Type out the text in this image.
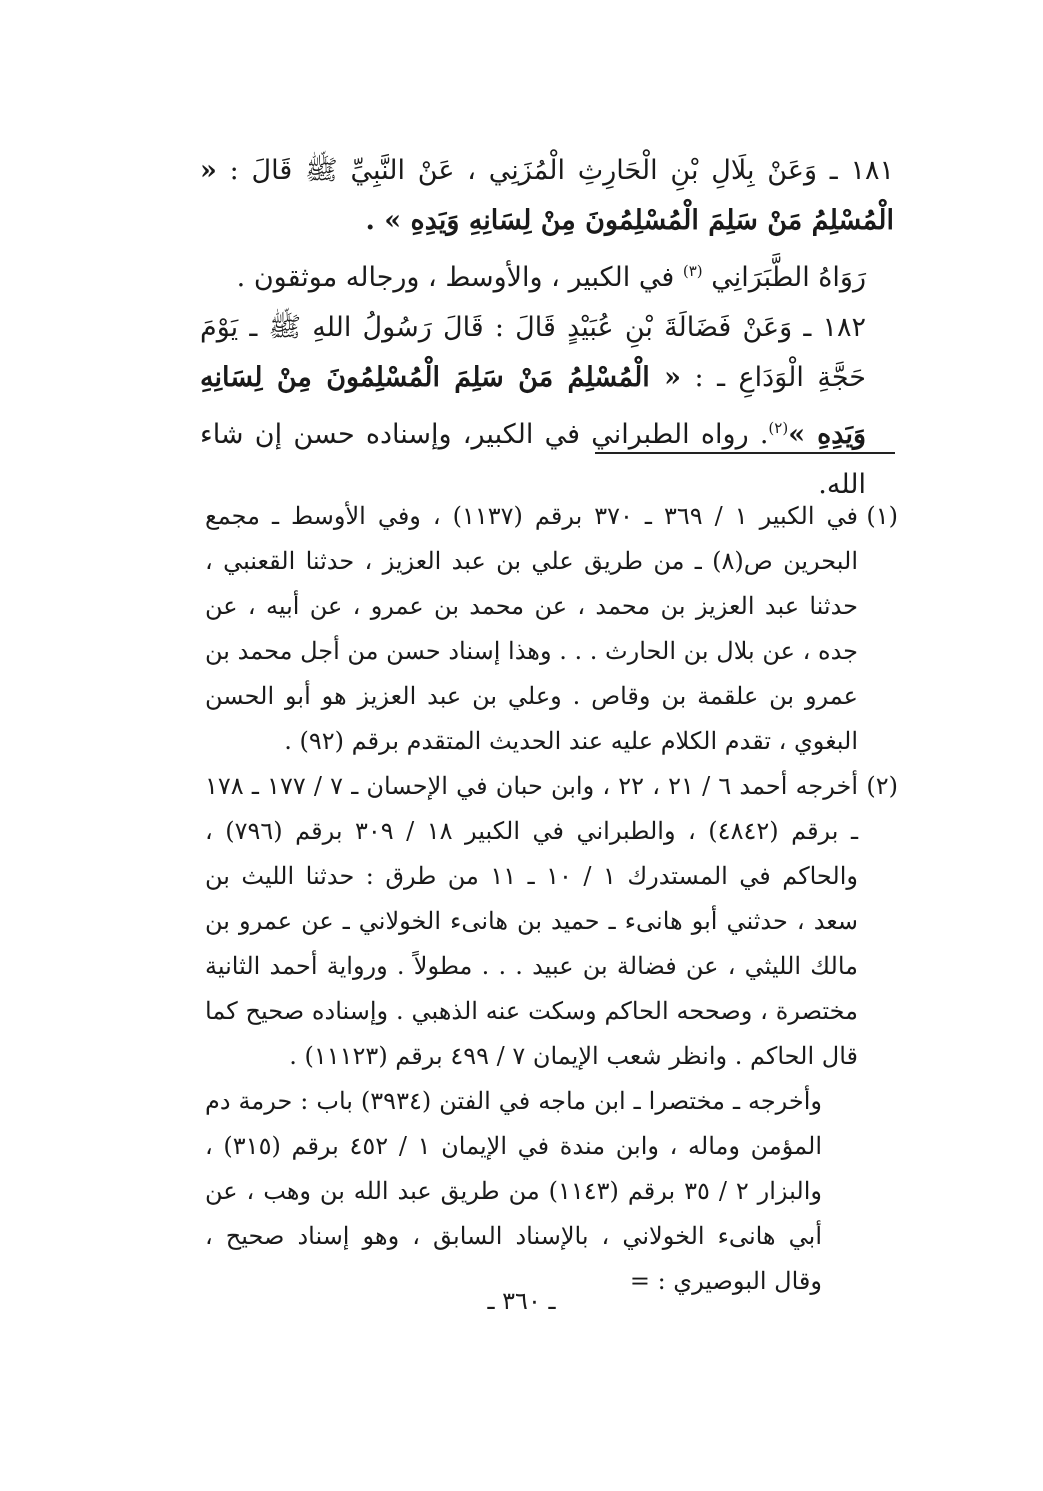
١٨١ ـ وَعَنْ بِلَالِ بْنِ الْحَارِثِ الْمُزَنِي ، عَنْ النَّبِيِّ ﷺ قَالَ : « الْمُسْلِمُ مَنْ سَلِمَ الْمُسْلِمُونَ مِنْ لِسَانِهِ وَيَدِهِ » .

رَوَاهُ الطَّبَرَانِي $^{(٣)}$ في الكبير ، والأوسط ، ورجاله موثقون .

١٨٢ ـ وَعَنْ فَضَالَةَ بْنِ عُبَيْدٍ قَالَ : قَالَ رَسُولُ اللهِ ﷺ ـ يَوْمَ حَجَّةِ الْوَدَاعِ ـ : « الْمُسْلِمُ مَنْ سَلِمَ الْمُسْلِمُونَ مِنْ لِسَانِهِ وَيَدِهِ »$^{(٢)}$. رواه الطبراني في الكبير، وإسناده حسن إن شاء الله.

(١)
في الكبير ١ / ٣٦٩ ـ ٣٧٠ برقم (١١٣٧) ، وفي الأوسط ـ مجمع البحرين ص(٨) ـ من طريق علي بن عبد العزيز ، حدثنا القعنبي ، حدثنا عبد العزيز بن محمد ، عن محمد بن عمرو ، عن أبيه ، عن جده ، عن بلال بن الحارث . . . وهذا إسناد حسن من أجل محمد بن عمرو بن علقمة بن وقاص . وعلي بن عبد العزيز هو أبو الحسن البغوي ، تقدم الكلام عليه عند الحديث المتقدم برقم (٩٢) .

(٢)
أخرجه أحمد ٦ / ٢١ ، ٢٢ ، وابن حبان في الإحسان ـ ٧ / ١٧٧ ـ ١٧٨ ـ برقم (٤٨٤٢) ، والطبراني في الكبير ١٨ / ٣٠٩ برقم (٧٩٦) ، والحاكم في المستدرك ١ / ١٠ ـ ١١ من طرق : حدثنا الليث بن سعد ، حدثني أبو هانىء ـ حميد بن هانىء الخولاني ـ عن عمرو بن مالك الليثي ، عن فضالة بن عبيد . . . مطولاً . ورواية أحمد الثانية مختصرة ، وصححه الحاكم وسكت عنه الذهبي . وإسناده صحيح كما قال الحاكم . وانظر شعب الإيمان ٧ / ٤٩٩ برقم (١١١٢٣) .

وأخرجه ـ مختصرا ـ ابن ماجه في الفتن (٣٩٣٤) باب : حرمة دم المؤمن وماله ، وابن مندة في الإيمان ١ / ٤٥٢ برقم (٣١٥) ، والبزار ٢ / ٣٥ برقم (١١٤٣) من طريق عبد الله بن وهب ، عن أبي هانىء الخولاني ، بالإسناد السابق ، وهو إسناد صحيح ، وقال البوصيري : =

ـ ٣٦٠ ـ
